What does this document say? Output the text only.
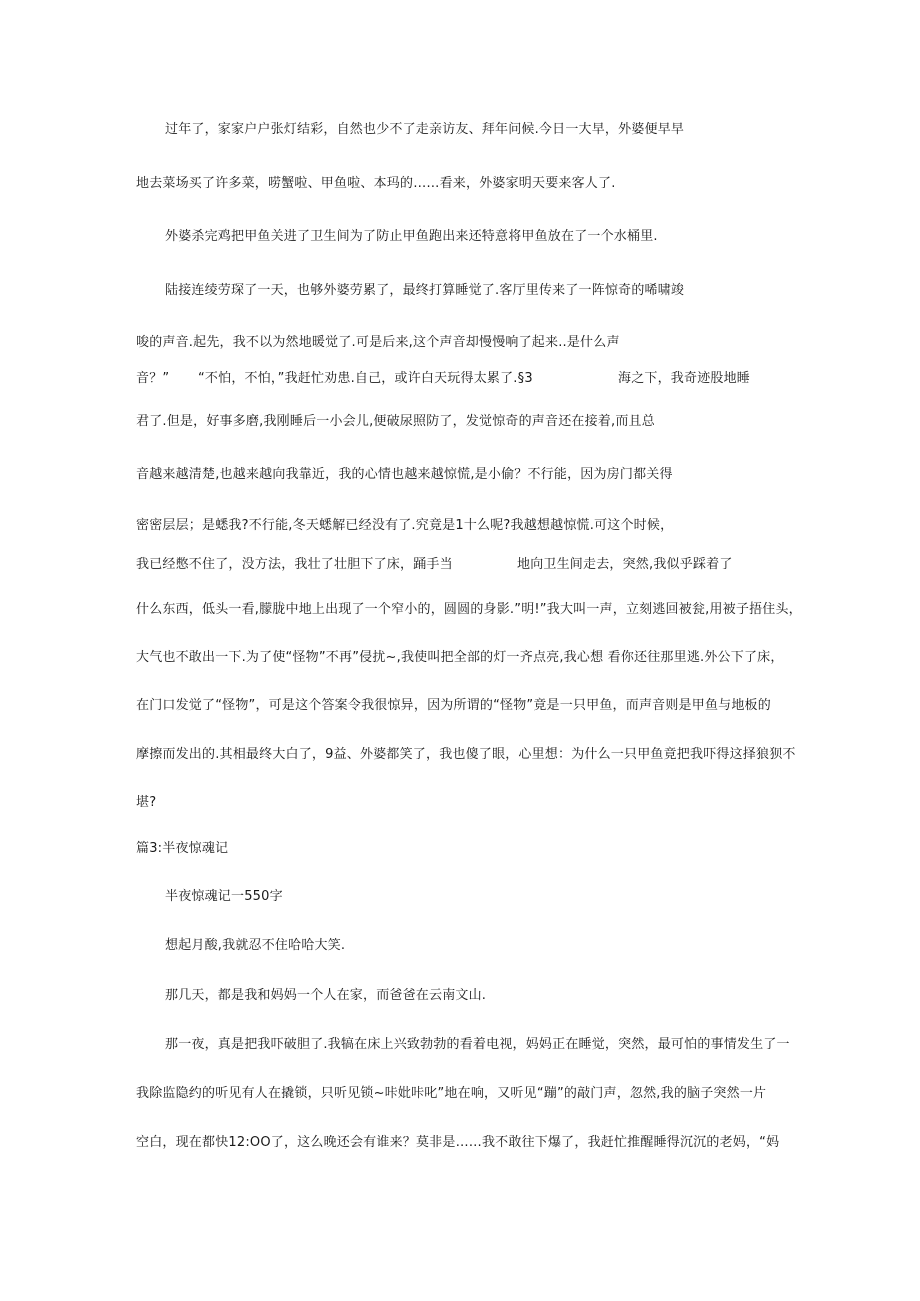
过年了，家家户户张灯结彩，自然也少不了走亲访友、拜年问候.今日一大早，外婆便早早
地去菜场买了许多菜，唠蟹啦、甲鱼啦、本玛的……看来，外婆家明天要来客人了.
外婆杀完鸡把甲鱼关进了卫生间为了防止甲鱼跑出来还特意将甲鱼放在了一个水桶里.
陆接连绫劳琛了一天，也够外婆劳累了，最终打算睡觉了.客厅里传来了一阵惊奇的唏啸竣
唆的声音.起先，我不以为然地暖觉了.可是后来,这个声音却慢慢响了起来..是什么声
音？” “不怕，不怕，”我赶忙劝患.自己，或许白天玩得太累了.§3	海之下，我奇迹股地睡
君了.但是，好事多磨,我刚睡后一小会儿,便破尿照防了，发觉惊奇的声音还在接着,而且总
音越来越清楚,也越来越向我靠近，我的心情也越来越惊慌,是小偷？不行能，因为房门都关得
密密层层；是蟋我?不行能,冬天蟋解已经没有了.究竟是1十么呢?我越想越惊慌.可这个时候，
我已经憋不住了，没方法，我壮了壮胆下了床，踊手当	地向卫生间走去，突然,我似乎踩着了
什么东西，低头一看,朦胧中地上出现了一个窄小的，圆圆的身影.”明!”我大叫一声，立刻逃回被瓮,用被子捂住头，
大气也不敢出一下.为了使“怪物”不再”侵扰~,我使叫把全部的灯一齐点亮,我心想 看你还往那里逃.外公下了床，
在门口发觉了“怪物”，可是这个答案令我很惊异，因为所谓的“怪物”竟是一只甲鱼，而声音则是甲鱼与地板的
摩擦而发出的.其相最终大白了，9益、外婆都笑了，我也傻了眼，心里想：为什么一只甲鱼竟把我吓得这择狼狈不
堪?
篇3:半夜惊魂记
半夜惊魂记一550字
想起月酸,我就忍不住哈哈大笑.
那几天，都是我和妈妈一个人在家，而爸爸在云南文山.
那一夜，真是把我吓破胆了.我犒在床上兴致勃勃的看着电视，妈妈正在睡觉，突然，最可怕的事情发生了一
我除监隐约的听见有人在撬锁，只听见锁~咔妣咔叱”地在响，又听见“蹦”的敲门声，忽然,我的脑子突然一片
空白，现在都快12:OO了，这么晚还会有谁来？莫非是……我不敢往下爆了，我赶忙推醒睡得沉沉的老妈，“妈
